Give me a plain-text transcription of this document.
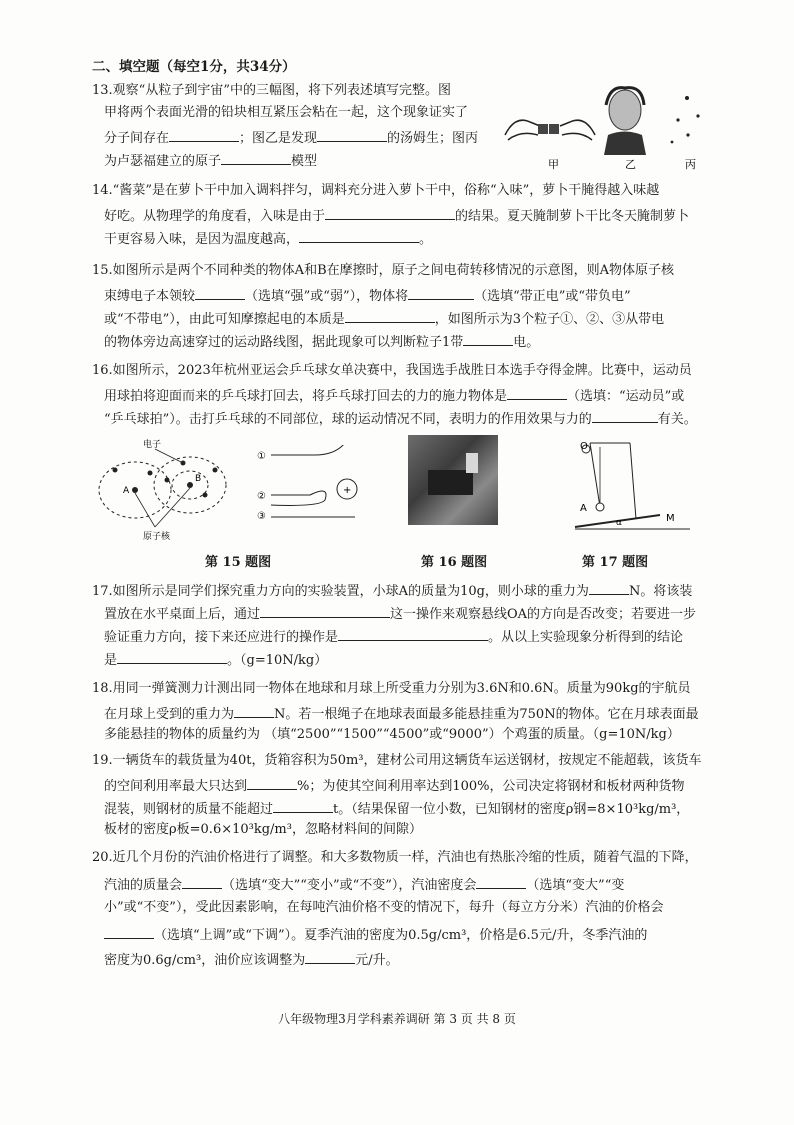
二、填空题（每空1分，共34分）
13.观察“从粒子到宇宙”中的三幅图，将下列表述填写完整。图
甲将两个表面光滑的铅块相互紧压会粘在一起，这个现象证实了
分子间存在	；图乙是发现	的汤姆生；图丙
为卢瑟福建立的原子	模型	甲	乙	丙
14.“酱菜”是在萝卜干中加入调料拌匀，调料充分进入萝卜干中，俗称“入味”，萝卜干腌得越入味越
好吃。从物理学的角度看，入味是由于	的结果。夏天腌制萝卜干比冬天腌制萝卜
干更容易入味，是因为温度越高，	。
15.如图所示是两个不同种类的物体A和B在摩擦时，原子之间电荷转移情况的示意图，则A物体原子核
束缚电子本领较	（选填“强”或“弱”），物体将	（选填“带正电”或“带负电”
或“不带电”），由此可知摩擦起电的本质是	，如图所示为3个粒子①、②、③从带电
的物体旁边高速穿过的运动路线图，据此现象可以判断粒子1带	电。
16.如图所示，2023年杭州亚运会乒乓球女单决赛中，我国选手战胜日本选手夺得金牌。比赛中，运动员
用球拍将迎面而来的乒乓球打回去，将乒乓球打回去的力的施力物体是	（选填：“运动员”或
“乒乓球拍”）。击打乒乓球的不同部位，球的运动情况不同，表明力的作用效果与力的	有关。
电子
A
B
原子核
①
②
③
+
O
A
α	M
第 15 题图	第 16 题图	第 17 题图
17.如图所示是同学们探究重力方向的实验装置，小球A的质量为10g，则小球的重力为	N。将该装
置放在水平桌面上后，通过	这一操作来观察悬线OA的方向是否改变；若要进一步
验证重力方向，接下来还应进行的操作是	。从以上实验现象分析得到的结论
是	。（g=10N/kg）
18.用同一弹簧测力计测出同一物体在地球和月球上所受重力分别为3.6N和0.6N。质量为90kg的宇航员
在月球上受到的重力为	N。若一根绳子在地球表面最多能悬挂重为750N的物体。它在月球表面最
多能悬挂的物体的质量约为 （填“2500”“1500”“4500”或“9000”）个鸡蛋的质量。（g=10N/kg）
19.一辆货车的载货量为40t，货箱容积为50m³，建材公司用这辆货车运送钢材，按规定不能超载，该货车
的空间利用率最大只达到	%；为使其空间利用率达到100%，公司决定将钢材和板材两种货物
混装，则钢材的质量不能超过	t。（结果保留一位小数，已知钢材的密度ρ钢=8×10³kg/m³，
板材的密度ρ板=0.6×10³kg/m³，忽略材料间的间隙）
20.近几个月份的汽油价格进行了调整。和大多数物质一样，汽油也有热胀冷缩的性质，随着气温的下降，
汽油的质量会	（选填“变大”“变小”或“不变”），汽油密度会	（选填“变大”“变
小”或“不变”），受此因素影响，在每吨汽油价格不变的情况下，每升（每立方分米）汽油的价格会
（选填“上调”或“下调”）。夏季汽油的密度为0.5g/cm³，价格是6.5元/升，冬季汽油的
密度为0.6g/cm³，油价应该调整为	元/升。
八年级物理3月学科素养调研 第 3 页 共 8 页
